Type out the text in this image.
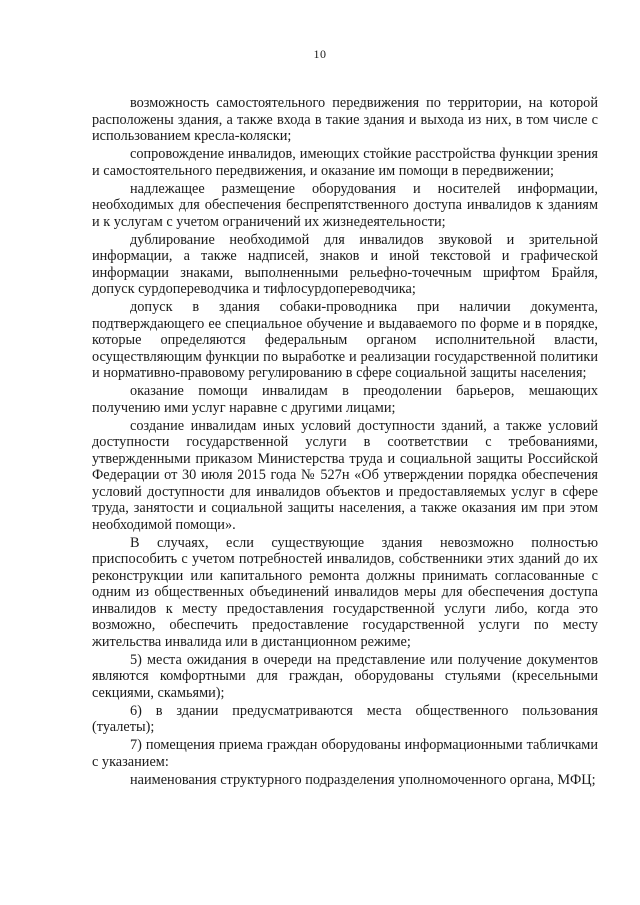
10

возможность самостоятельного передвижения по территории, на которой расположены здания, а также входа в такие здания и выхода из них, в том числе с использованием кресла-коляски;

сопровождение инвалидов, имеющих стойкие расстройства функции зрения и самостоятельного передвижения, и оказание им помощи в передвижении;

надлежащее размещение оборудования и носителей информации, необходимых для обеспечения беспрепятственного доступа инвалидов к зданиям и к услугам с учетом ограничений их жизнедеятельности;

дублирование необходимой для инвалидов звуковой и зрительной информации, а также надписей, знаков и иной текстовой и графической информации знаками, выполненными рельефно-точечным шрифтом Брайля, допуск сурдопереводчика и тифлосурдопереводчика;

допуск в здания собаки-проводника при наличии документа, подтверждающего ее специальное обучение и выдаваемого по форме и в порядке, которые определяются федеральным органом исполнительной власти, осуществляющим функции по выработке и реализации государственной политики и нормативно-правовому регулированию в сфере социальной защиты населения;

оказание помощи инвалидам в преодолении барьеров, мешающих получению ими услуг наравне с другими лицами;

создание инвалидам иных условий доступности зданий, а также условий доступности государственной услуги в соответствии с требованиями, утвержденными приказом Министерства труда и социальной защиты Российской Федерации от 30 июля 2015 года № 527н «Об утверждении порядка обеспечения условий доступности для инвалидов объектов и предоставляемых услуг в сфере труда, занятости и социальной защиты населения, а также оказания им при этом необходимой помощи».

В случаях, если существующие здания невозможно полностью приспособить с учетом потребностей инвалидов, собственники этих зданий до их реконструкции или капитального ремонта должны принимать согласованные с одним из общественных объединений инвалидов меры для обеспечения доступа инвалидов к месту предоставления государственной услуги либо, когда это возможно, обеспечить предоставление государственной услуги по месту жительства инвалида или в дистанционном режиме;

5) места ожидания в очереди на представление или получение документов являются комфортными для граждан, оборудованы стульями (кресельными секциями, скамьями);

6) в здании предусматриваются места общественного пользования (туалеты);

7) помещения приема граждан оборудованы информационными табличками с указанием:

наименования структурного подразделения уполномоченного органа, МФЦ;
